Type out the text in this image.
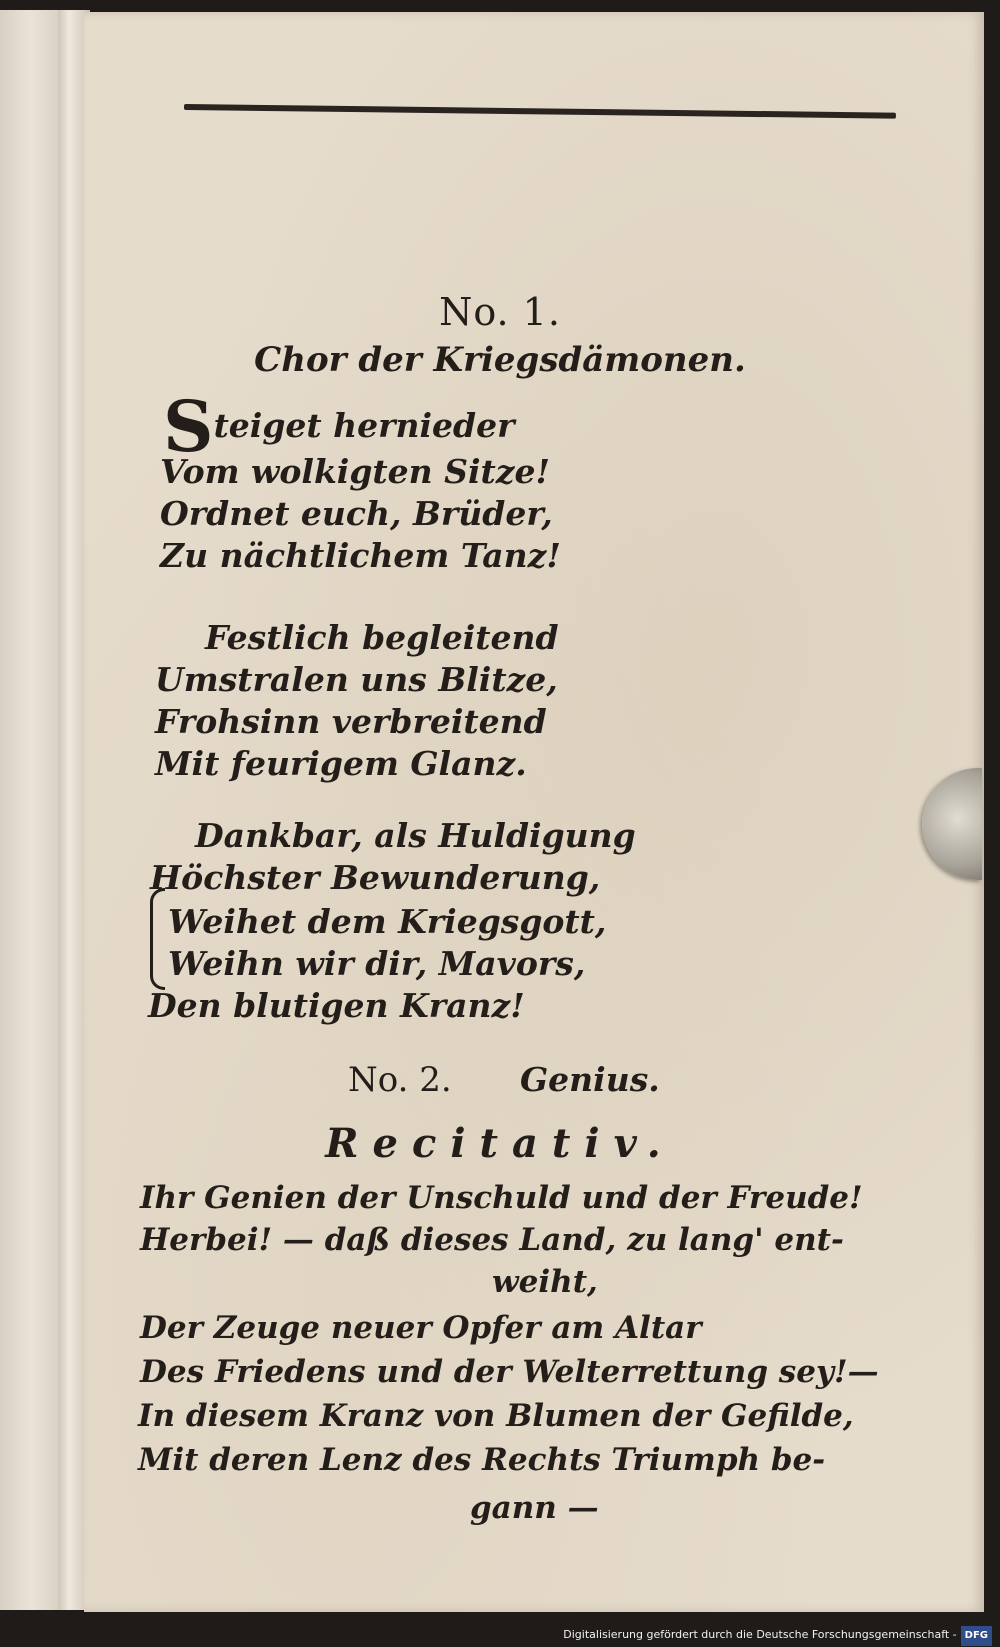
No. 1.
Chor der Kriegsdämonen.
Steiget hernieder
Vom wolkigten Sitze!
Ordnet euch, Brüder,
Zu nächtlichem Tanz!
Festlich begleitend
Umstralen uns Blitze,
Frohsinn verbreitend
Mit feurigem Glanz.
Dankbar, als Huldigung
Höchster Bewunderung,
Weihet dem Kriegsgott,
Weihn wir dir, Mavors,
Den blutigen Kranz!
No. 2. Genius.
Recitativ.
Ihr Genien der Unschuld und der Freude!
Herbei! — daß dieses Land, zu lang' ent-
weiht,
Der Zeuge neuer Opfer am Altar
Des Friedens und der Welterrettung sey!—
In diesem Kranz von Blumen der Gefilde,
Mit deren Lenz des Rechts Triumph be-
gann —
Digitalisierung gefördert durch die Deutsche Forschungsgemeinschaft - DFG
